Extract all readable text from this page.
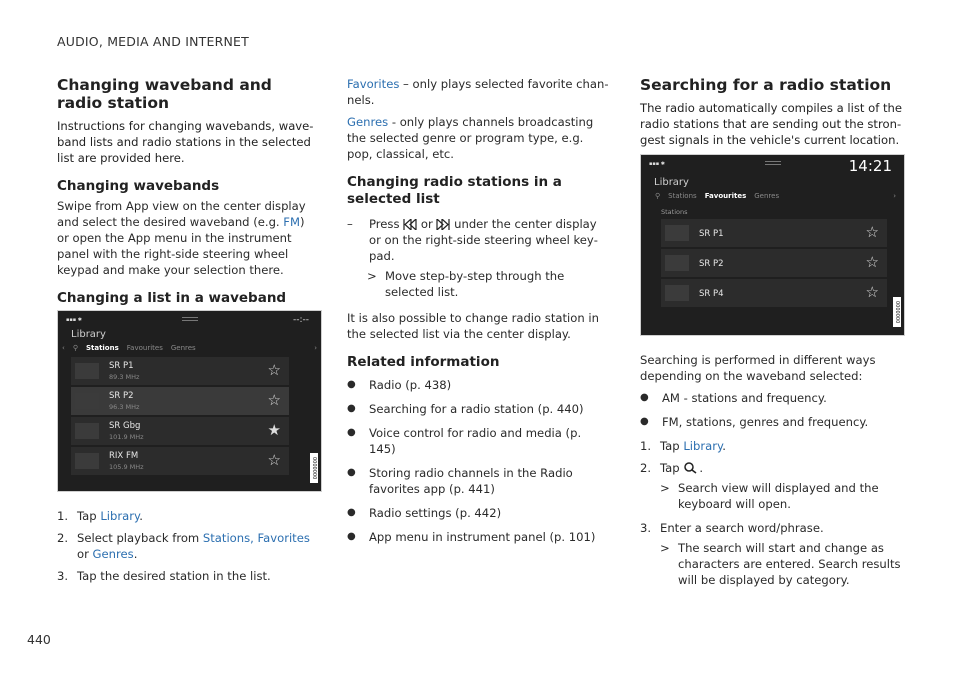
AUDIO, MEDIA AND INTERNET
Changing waveband and radio station

Instructions for changing wavebands, waveband lists and radio stations in the selected list are provided here.

Changing wavebands

Swipe from App view on the center display and select the desired waveband (e.g. FM) or open the App menu in the instrument panel with the right-side steering wheel keypad and make your selection there.

Changing a list in a waveband
▪▪▪ ✱	--:--
Library
‹ ⚲ Stations Favourites Genres	›
SR P1
89.3 MHz	☆
SR P2
96.3 MHz	☆
SR Gbg
101.9 MHz	★
RIX FM
105.9 MHz	☆	0000000
1. Tap Library.
2. Select playback from Stations, Favorites or Genres.
3. Tap the desired station in the list.

Favorites – only plays selected favorite channels.

Genres - only plays channels broadcasting the selected genre or program type, e.g. pop, classical, etc.

Changing radio stations in a selected list
–	Press  or  under the center display or on the right-side steering wheel keypad.
> Move step-by-step through the selected list.

It is also possible to change radio station in the selected list via the center display.

Related information
●	Radio (p. 438)
●	Searching for a radio station (p. 440)
●	Voice control for radio and media (p. 145)
●	Storing radio channels in the Radio favorites app (p. 441)
●	Radio settings (p. 442)
●	App menu in instrument panel (p. 101)
Searching for a radio station

The radio automatically compiles a list of the radio stations that are sending out the strongest signals in the vehicle's current location.

▪▪▪ ✱	14:21
Library
⚲ Stations Favourites Genres	›
Stations
SR P1	☆
SR P2	☆
SR P4	☆
0000000

Searching is performed in different ways depending on the waveband selected:

●	AM - stations and frequency.
●	FM, stations, genres and frequency.
1. Tap Library.
2. Tap .
> Search view will displayed and the keyboard will open.
3. Enter a search word/phrase.
> The search will start and change as characters are entered. Search results will be displayed by category.
440
